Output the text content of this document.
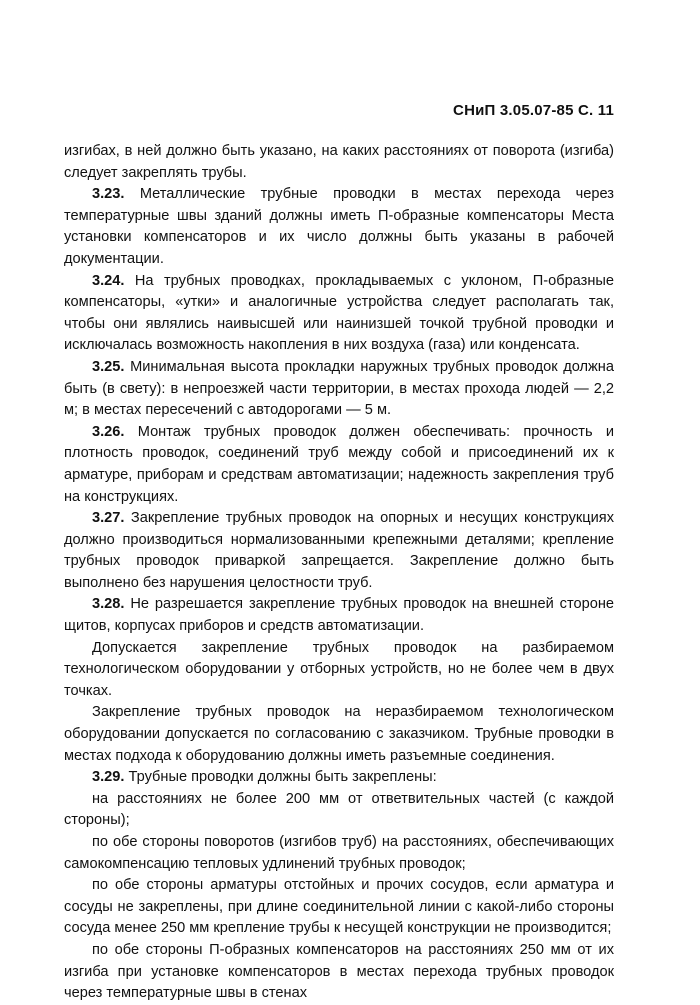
СНиП 3.05.07-85 С. 11

изгибах, в ней должно быть указано, на каких расстояниях от поворота (изгиба) следует закреплять трубы.

3.23. Металлические трубные проводки в местах перехода через температурные швы зданий должны иметь П-образные компенсаторы Места установки компенсаторов и их число должны быть указаны в рабочей документации.

3.24. На трубных проводках, прокладываемых с уклоном, П-образные компенсаторы, «утки» и аналогичные устройства следует располагать так, чтобы они являлись наивысшей или наинизшей точкой трубной проводки и исключалась возможность накопления в них воздуха (газа) или конденсата.

3.25. Минимальная высота прокладки наружных трубных проводок должна быть (в свету): в непроезжей части территории, в местах прохода людей — 2,2 м; в местах пересечений с автодорогами — 5 м.

3.26. Монтаж трубных проводок должен обеспечивать: прочность и плотность проводок, соединений труб между собой и присоединений их к арматуре, приборам и средствам автоматизации; надежность закрепления труб на конструкциях.

3.27. Закрепление трубных проводок на опорных и несущих конструкциях должно производиться нормализованными крепежными деталями; крепление трубных проводок приваркой запрещается. Закрепление должно быть выполнено без нарушения целостности труб.

3.28. Не разрешается закрепление трубных проводок на внешней стороне щитов, корпусах приборов и средств автоматизации.

Допускается закрепление трубных проводок на разбираемом технологическом оборудовании у отборных устройств, но не более чем в двух точках.

Закрепление трубных проводок на неразбираемом технологическом оборудовании допускается по согласованию с заказчиком. Трубные проводки в местах подхода к оборудованию должны иметь разъемные соединения.

3.29. Трубные проводки должны быть закреплены:

на расстояниях не более 200 мм от ответвительных частей (с каждой стороны);

по обе стороны поворотов (изгибов труб) на расстояниях, обеспечивающих самокомпенсацию тепловых удлинений трубных проводок;

по обе стороны арматуры отстойных и прочих сосудов, если арматура и сосуды не закреплены, при длине соединительной линии с какой-либо стороны сосуда менее 250 мм крепление трубы к несущей конструкции не производится;

по обе стороны П-образных компенсаторов на расстояниях 250 мм от их изгиба при установке компенсаторов в местах перехода трубных проводок через температурные швы в стенах
